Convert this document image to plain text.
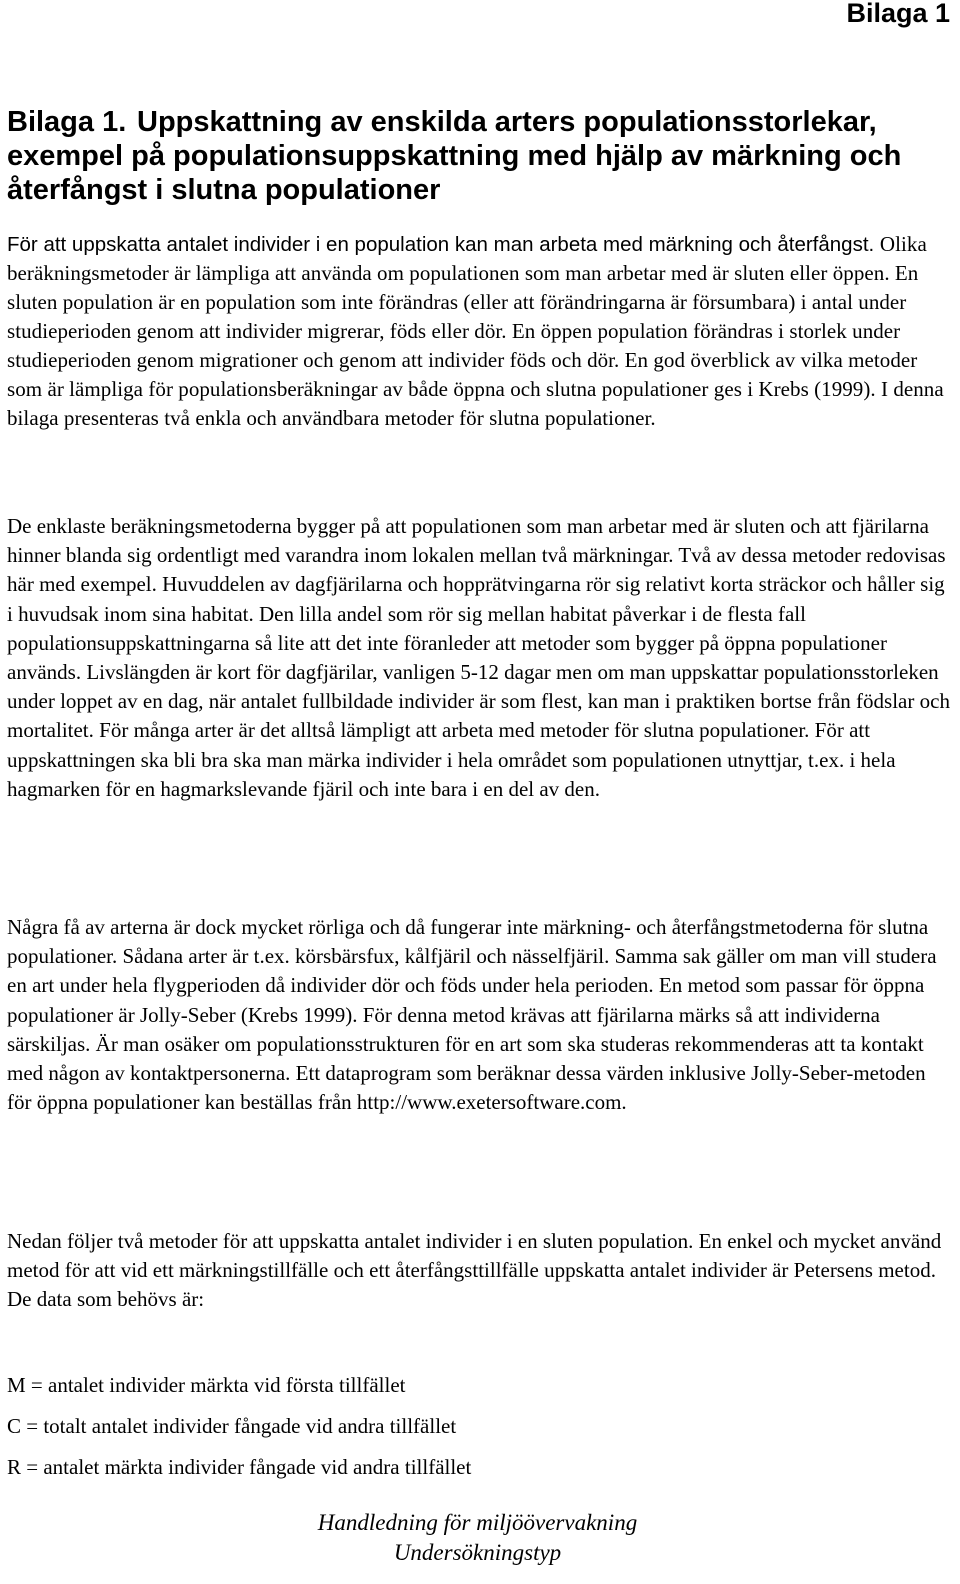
Bilaga 1
Bilaga 1. Uppskattning av enskilda arters populationsstorlekar, exempel på populationsuppskattning med hjälp av märkning och återfångst i slutna populationer

För att uppskatta antalet individer i en population kan man arbeta med märkning och återfångst. Olika beräkningsmetoder är lämpliga att använda om populationen som man arbetar med är sluten eller öppen. En sluten population är en population som inte förändras (eller att förändringarna är försumbara) i antal under studieperioden genom att individer migrerar, föds eller dör. En öppen population förändras i storlek under studieperioden genom migrationer och genom att individer föds och dör. En god överblick av vilka metoder som är lämpliga för populationsberäkningar av både öppna och slutna populationer ges i Krebs (1999). I denna bilaga presenteras två enkla och användbara metoder för slutna populationer.

De enklaste beräkningsmetoderna bygger på att populationen som man arbetar med är sluten och att fjärilarna hinner blanda sig ordentligt med varandra inom lokalen mellan två märkningar. Två av dessa metoder redovisas här med exempel. Huvuddelen av dagfjärilarna och hopprätvingarna rör sig relativt korta sträckor och håller sig i huvudsak inom sina habitat. Den lilla andel som rör sig mellan habitat påverkar i de flesta fall populationsuppskattningarna så lite att det inte föranleder att metoder som bygger på öppna populationer används. Livslängden är kort för dagfjärilar, vanligen 5-12 dagar men om man uppskattar populationsstorleken under loppet av en dag, när antalet fullbildade individer är som flest, kan man i praktiken bortse från födslar och mortalitet. För många arter är det alltså lämpligt att arbeta med metoder för slutna populationer. För att uppskattningen ska bli bra ska man märka individer i hela området som populationen utnyttjar, t.ex. i hela hagmarken för en hagmarkslevande fjäril och inte bara i en del av den.

Några få av arterna är dock mycket rörliga och då fungerar inte märkning- och återfångstmetoderna för slutna populationer. Sådana arter är t.ex. körsbärsfux, kålfjäril och nässelfjäril. Samma sak gäller om man vill studera en art under hela flygperioden då individer dör och föds under hela perioden. En metod som passar för öppna populationer är Jolly-Seber (Krebs 1999). För denna metod krävas att fjärilarna märks så att individerna särskiljas. Är man osäker om populationsstrukturen för en art som ska studeras rekommenderas att ta kontakt med någon av kontaktpersonerna. Ett dataprogram som beräknar dessa värden inklusive Jolly-Seber-metoden för öppna populationer kan beställas från http://www.exetersoftware.com.

Nedan följer två metoder för att uppskatta antalet individer i en sluten population. En enkel och mycket använd metod för att vid ett märkningstillfälle och ett återfångsttillfälle uppskatta antalet individer är Petersens metod. De data som behövs är:

M = antalet individer märkta vid första tillfället
C = totalt antalet individer fångade vid andra tillfället
R = antalet märkta individer fångade vid andra tillfället
Handledning för miljöövervakning
Undersökningstyp
